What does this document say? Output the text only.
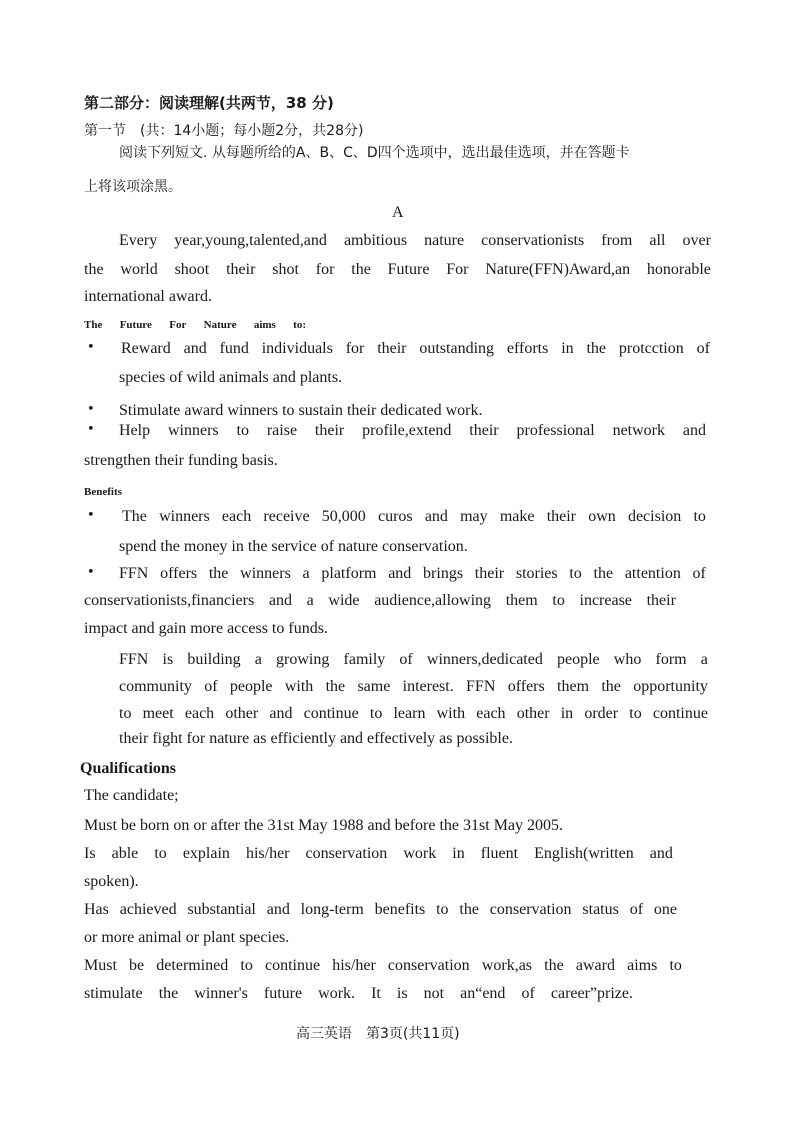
第二部分：阅读理解(共两节，38 分)
第一节　(共：14小题；每小题2分，共28分)
阅读下列短文. 从每题所给的A、B、C、D四个选项中，选出最佳选项，并在答题卡
上将该项涂黑。
A
Every year,young,talented,and ambitious nature conservationists from all over
the world shoot their shot for the Future For Nature(FFN)Award,an honorable
international award.
The Future For Nature aims to:
• Reward and fund individuals for their outstanding efforts in the protcction of
species of wild animals and plants.
• Stimulate award winners to sustain their dedicated work.
• Help winners to raise their profile,extend their professional network and
strengthen their funding basis.
Benefits
• The winners each receive 50,000 curos and may make their own decision to
spend the money in the service of nature conservation.
• FFN offers the winners a platform and brings their stories to the attention of
conservationists,financiers and a wide audience,allowing them to increase their
impact and gain more access to funds.
FFN is building a growing family of winners,dedicated people who form a
community of people with the same interest. FFN offers them the opportunity
to meet each other and continue to learn with each other in order to continue
their fight for nature as efficiently and effectively as possible.
Qualifications
The candidate;
Must be born on or after the 31st May 1988 and before the 31st May 2005.
Is able to explain his/her conservation work in fluent English(written and
spoken).
Has achieved substantial and long-term benefits to the conservation status of one
or more animal or plant species.
Must be determined to continue his/her conservation work,as the award aims to
stimulate the winner's future work. It is not an“end of career”prize.
高三英语　第3页(共11页)
